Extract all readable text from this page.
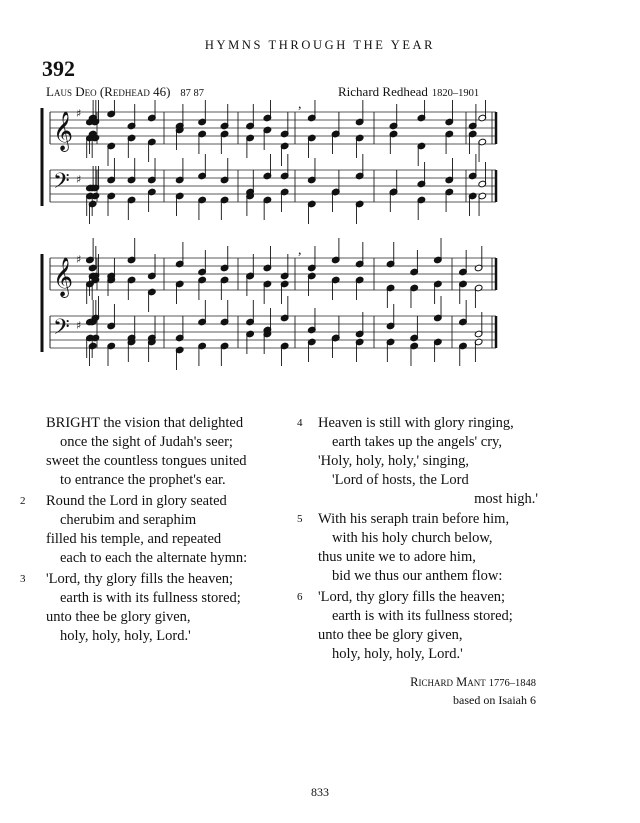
HYMNS THROUGH THE YEAR
392
Laus Deo (Redhead 46) 87 87	Richard Redhead 1820–1901
𝄞 ♯
𝄢 ♯
,
𝄞 ♯
𝄢 ♯
,
BRIGHT the vision that delighted
once the sight of Judah's seer;
sweet the countless tongues united
to entrance the prophet's ear.
2 Round the Lord in glory seated
cherubim and seraphim
filled his temple, and repeated
each to each the alternate hymn:
3 'Lord, thy glory fills the heaven;
earth is with its fullness stored;
unto thee be glory given,
holy, holy, holy, Lord.'
4 Heaven is still with glory ringing,
earth takes up the angels' cry,
'Holy, holy, holy,' singing,
'Lord of hosts, the Lord
most high.'
5 With his seraph train before him,
with his holy church below,
thus unite we to adore him,
bid we thus our anthem flow:
6 'Lord, thy glory fills the heaven;
earth is with its fullness stored;
unto thee be glory given,
holy, holy, holy, Lord.'
Richard Mant 1776–1848
based on Isaiah 6
833
